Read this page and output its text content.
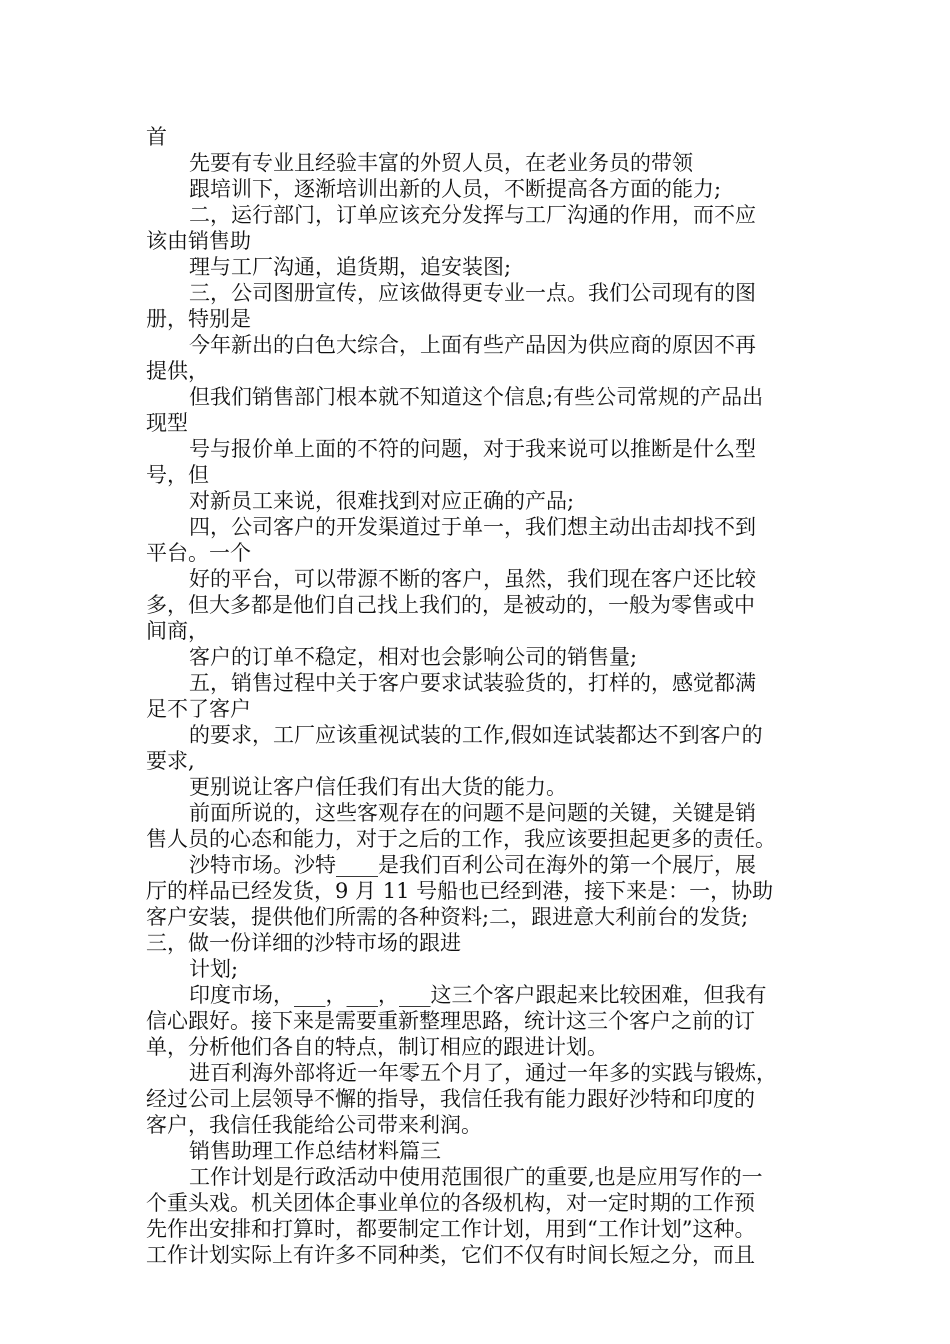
首
先要有专业且经验丰富的外贸人员，在老业务员的带领
跟培训下，逐渐培训出新的人员，不断提高各方面的能力;
二，运行部门，订单应该充分发挥与工厂沟通的作用，而不应
该由销售助
理与工厂沟通，追货期，追安装图;
三，公司图册宣传，应该做得更专业一点。我们公司现有的图
册，特别是
今年新出的白色大综合，上面有些产品因为供应商的原因不再
提供，
但我们销售部门根本就不知道这个信息;有些公司常规的产品出
现型
号与报价单上面的不符的问题，对于我来说可以推断是什么型
号，但
对新员工来说，很难找到对应正确的产品;
四，公司客户的开发渠道过于单一，我们想主动出击却找不到
平台。一个
好的平台，可以带源不断的客户，虽然，我们现在客户还比较
多，但大多都是他们自己找上我们的，是被动的，一般为零售或中
间商，
客户的订单不稳定，相对也会影响公司的销售量;
五，销售过程中关于客户要求试装验货的，打样的，感觉都满
足不了客户
的要求，工厂应该重视试装的工作,假如连试装都达不到客户的
要求,
更别说让客户信任我们有出大货的能力。
前面所说的，这些客观存在的问题不是问题的关键，关键是销
售人员的心态和能力，对于之后的工作，我应该要担起更多的责任。
沙特市场。沙特____是我们百利公司在海外的第一个展厅，展
厅的样品已经发货，9 月 11 号船也已经到港，接下来是：一，协助
客户安装，提供他们所需的各种资料;二，跟进意大利前台的发货;
三，做一份详细的沙特市场的跟进
计划;
印度市场，___，___，___这三个客户跟起来比较困难，但我有
信心跟好。接下来是需要重新整理思路，统计这三个客户之前的订
单，分析他们各自的特点，制订相应的跟进计划。
进百利海外部将近一年零五个月了，通过一年多的实践与锻炼，
经过公司上层领导不懈的指导，我信任我有能力跟好沙特和印度的
客户，我信任我能给公司带来利润。
销售助理工作总结材料篇三
工作计划是行政活动中使用范围很广的重要,也是应用写作的一
个重头戏。机关团体企事业单位的各级机构，对一定时期的工作预
先作出安排和打算时，都要制定工作计划，用到“工作计划”这种。
工作计划实际上有许多不同种类，它们不仅有时间长短之分，而且
